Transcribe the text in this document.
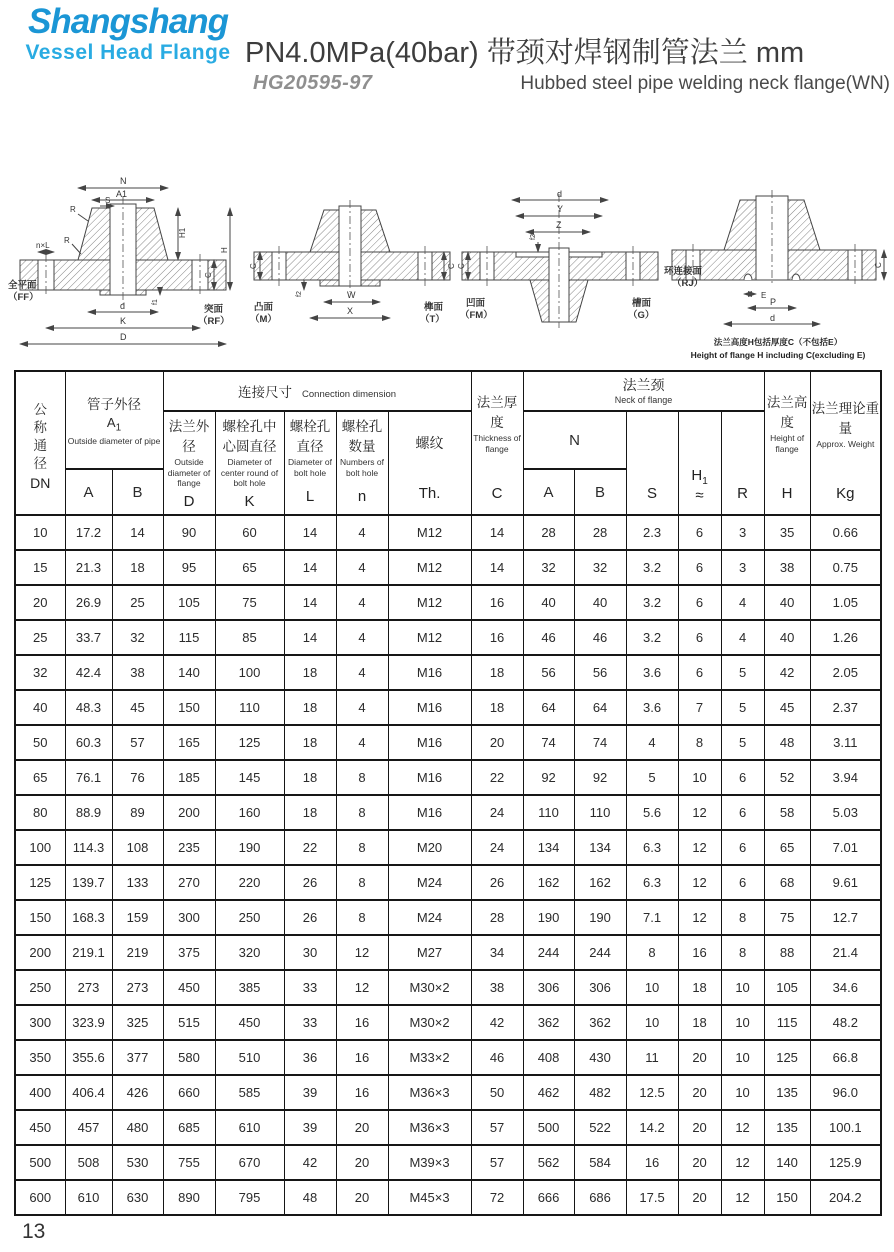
Shangshang
Vessel Head Flange PN4.0MPa(40bar) 带颈对焊钢制管法兰 mm
HG20595-97	Hubbed steel pipe welding neck flange(WN)
N
A1
S
R
R
n×L
H1
C
H
f1
d
K
D
全平面
（FF）
突面
（RF）
W
X
C	C
f2
凸面
（M）
榫面
（T）
d
Y
Z
C
f2
凹面
（FM）
槽面
（G）
E
P
d
C
环连接面
（RJ）
法兰高度H包括厚度C（不包括E）
Height of flange H including C(excluding E)
公称通径
DN

管子外径
$A_1$
Outside diameter of pipe
	连接尺寸 Connection dimension	
法兰厚度
Thickness of flange
C

法兰颈
Neck of flange	法兰高度
Height of flange
H

法兰理论重量
Approx. Weight
Kg

法兰外径
Outside diameter of flange
D

螺栓孔中心圆直径
Diameter of center round of bolt hole
K

螺栓孔直径
Diameter of bolt hole
L

螺栓孔数量
Numbers of bolt hole
n

螺纹
Th.
	N	
S

$H_1$
≈	R

	A	B							A	B					
10	17.2	14	90	60	14	4	M12	14	28	28	2.3	6	3	35	0.66
15	21.3	18	95	65	14	4	M12	14	32	32	3.2	6	3	38	0.75
20	26.9	25	105	75	14	4	M12	16	40	40	3.2	6	4	40	1.05
25	33.7	32	115	85	14	4	M12	16	46	46	3.2	6	4	40	1.26
32	42.4	38	140	100	18	4	M16	18	56	56	3.6	6	5	42	2.05
40	48.3	45	150	110	18	4	M16	18	64	64	3.6	7	5	45	2.37
50	60.3	57	165	125	18	4	M16	20	74	74	4	8	5	48	3.11
65	76.1	76	185	145	18	8	M16	22	92	92	5	10	6	52	3.94
80	88.9	89	200	160	18	8	M16	24	110	110	5.6	12	6	58	5.03
100	114.3	108	235	190	22	8	M20	24	134	134	6.3	12	6	65	7.01
125	139.7	133	270	220	26	8	M24	26	162	162	6.3	12	6	68	9.61
150	168.3	159	300	250	26	8	M24	28	190	190	7.1	12	8	75	12.7
200	219.1	219	375	320	30	12	M27	34	244	244	8	16	8	88	21.4
250	273	273	450	385	33	12	M30×2	38	306	306	10	18	10	105	34.6
300	323.9	325	515	450	33	16	M30×2	42	362	362	10	18	10	115	48.2
350	355.6	377	580	510	36	16	M33×2	46	408	430	11	20	10	125	66.8
400	406.4	426	660	585	39	16	M36×3	50	462	482	12.5	20	10	135	96.0
450	457	480	685	610	39	20	M36×3	57	500	522	14.2	20	12	135	100.1
500	508	530	755	670	42	20	M39×3	57	562	584	16	20	12	140	125.9
600	610	630	890	795	48	20	M45×3	72	666	686	17.5	20	12	150	204.2
13
